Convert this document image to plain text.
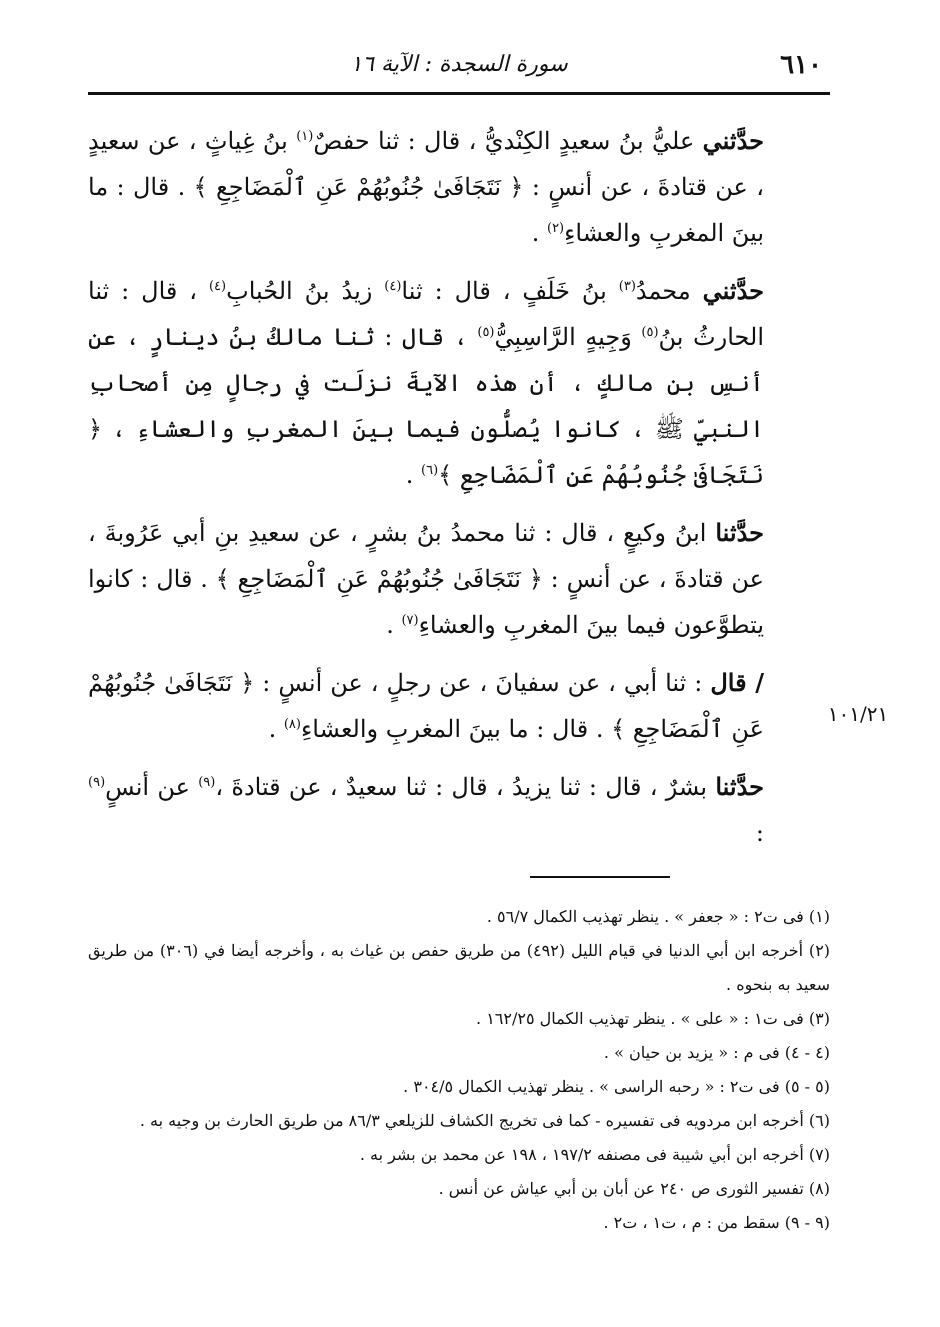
٦١٠
سورة السجدة : الآية ١٦
١٠١/٢١

حدَّثني عليُّ بنُ سعيدٍ الكِنْديُّ ، قال : ثنا حفصٌ$^{(١)}$ بنُ غِياثٍ ، عن سعيدٍ ، عن قتادةَ ، عن أنسٍ : ﴿ نَتَجَافَىٰ جُنُوبُهُمْ عَنِ ٱلْمَضَاجِعِ ﴾ . قال : ما بينَ المغربِ والعشاءِ$^{(٢)}$ .

حدَّثني محمدُ$^{(٣)}$ بنُ خَلَفٍ ، قال : ثنا$^{(٤)}$ زيدُ بنُ الحُبابِ$^{(٤)}$ ، قال : ثنا الحارثُ بنُ$^{(٥)}$ وَجِيهٍ الرَّاسِبِيُّ$^{(٥)}$ ، قال : ثنا مالكُ بنُ دينارٍ ، عن أنسِ بنِ مالكٍ ، أن هذه الآيةَ نزلَت في رجالٍ مِن أصحابِ النبيِّ ﷺ ، كانوا يُصلُّون فيما بينَ المغربِ والعشاءِ ، ﴿ نَتَجَافَىٰ جُنُوبُهُمْ عَنِ ٱلْمَضَاجِعِ ﴾$^{(٦)}$ .

حدَّثنا ابنُ وكيعٍ ، قال : ثنا محمدُ بنُ بشرٍ ، عن سعيدِ بنِ أبي عَرُوبةَ ، عن قتادةَ ، عن أنسٍ : ﴿ نَتَجَافَىٰ جُنُوبُهُمْ عَنِ ٱلْمَضَاجِعِ ﴾ . قال : كانوا يتطوَّعون فيما بينَ المغربِ والعشاءِ$^{(٧)}$ .

/ قال : ثنا أبي ، عن سفيانَ ، عن رجلٍ ، عن أنسٍ : ﴿ نَتَجَافَىٰ جُنُوبُهُمْ عَنِ ٱلْمَضَاجِعِ ﴾ . قال : ما بينَ المغربِ والعشاءِ$^{(٨)}$ .

حدَّثنا بشرٌ ، قال : ثنا يزيدُ ، قال : ثنا سعيدٌ ، عن قتادةَ ،$^{(٩)}$ عن أنسٍ$^{(٩)}$ :

(١) فى ت٢ : « جعفر » . ينظر تهذيب الكمال ٥٦/٧ .

(٢) أخرجه ابن أبي الدنيا في قيام الليل (٤٩٢) من طريق حفص بن غياث به ، وأخرجه أيضا في (٣٠٦) من طريق سعيد به بنحوه .

(٣) فى ت١ : « على » . ينظر تهذيب الكمال ١٦٢/٢٥ .

(٤ - ٤) فى م : « يزيد بن حيان » .

(٥ - ٥) فى ت٢ : « رحبه الراسى » . ينظر تهذيب الكمال ٣٠٤/٥ .

(٦) أخرجه ابن مردويه فى تفسيره - كما فى تخريج الكشاف للزيلعي ٨٦/٣ من طريق الحارث بن وجيه به .

(٧) أخرجه ابن أبي شيبة فى مصنفه ١٩٧/٢ ، ١٩٨ عن محمد بن بشر به .

(٨) تفسير الثورى ص ٢٤٠ عن أبان بن أبي عياش عن أنس .

(٩ - ٩) سقط من : م ، ت١ ، ت٢ .
